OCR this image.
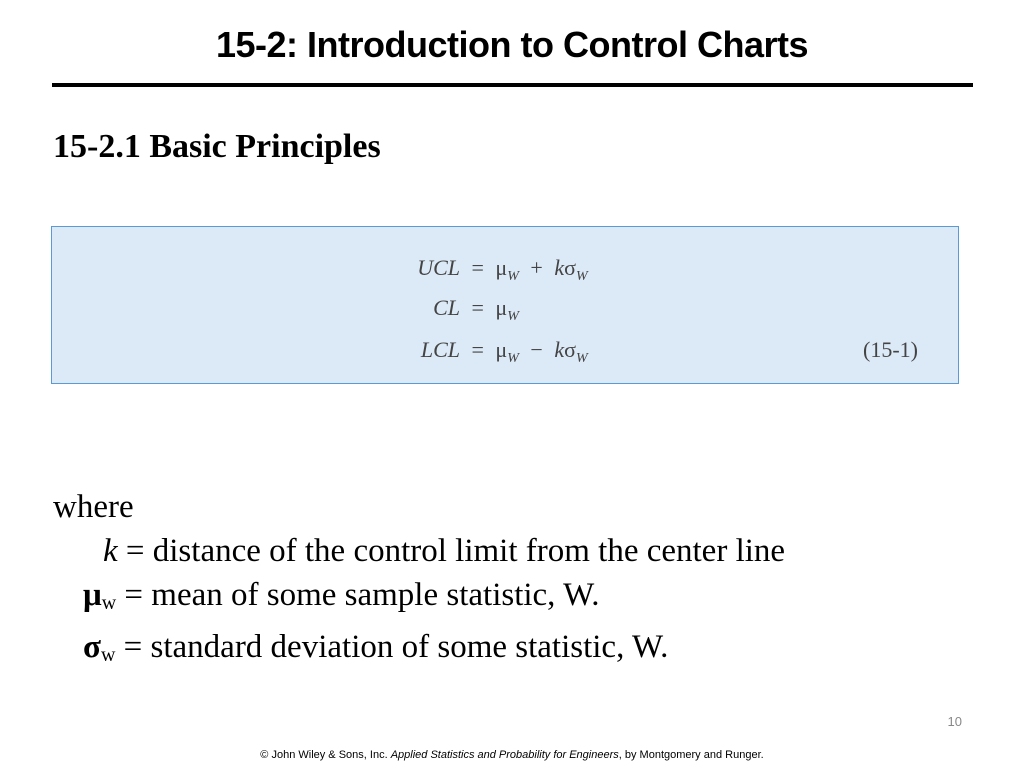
15-2: Introduction to Control Charts
15-2.1 Basic Principles
UCL = $\mu_W + k\sigma_W$
CL = $\mu_W$
LCL = $\mu_W - k\sigma_W$	(15-1)
where
k = distance of the control limit from the center line
$\mu_w$ = mean of some sample statistic, W.
$\sigma_w$ = standard deviation of some statistic, W.
10
© John Wiley & Sons, Inc. Applied Statistics and Probability for Engineers, by Montgomery and Runger.
